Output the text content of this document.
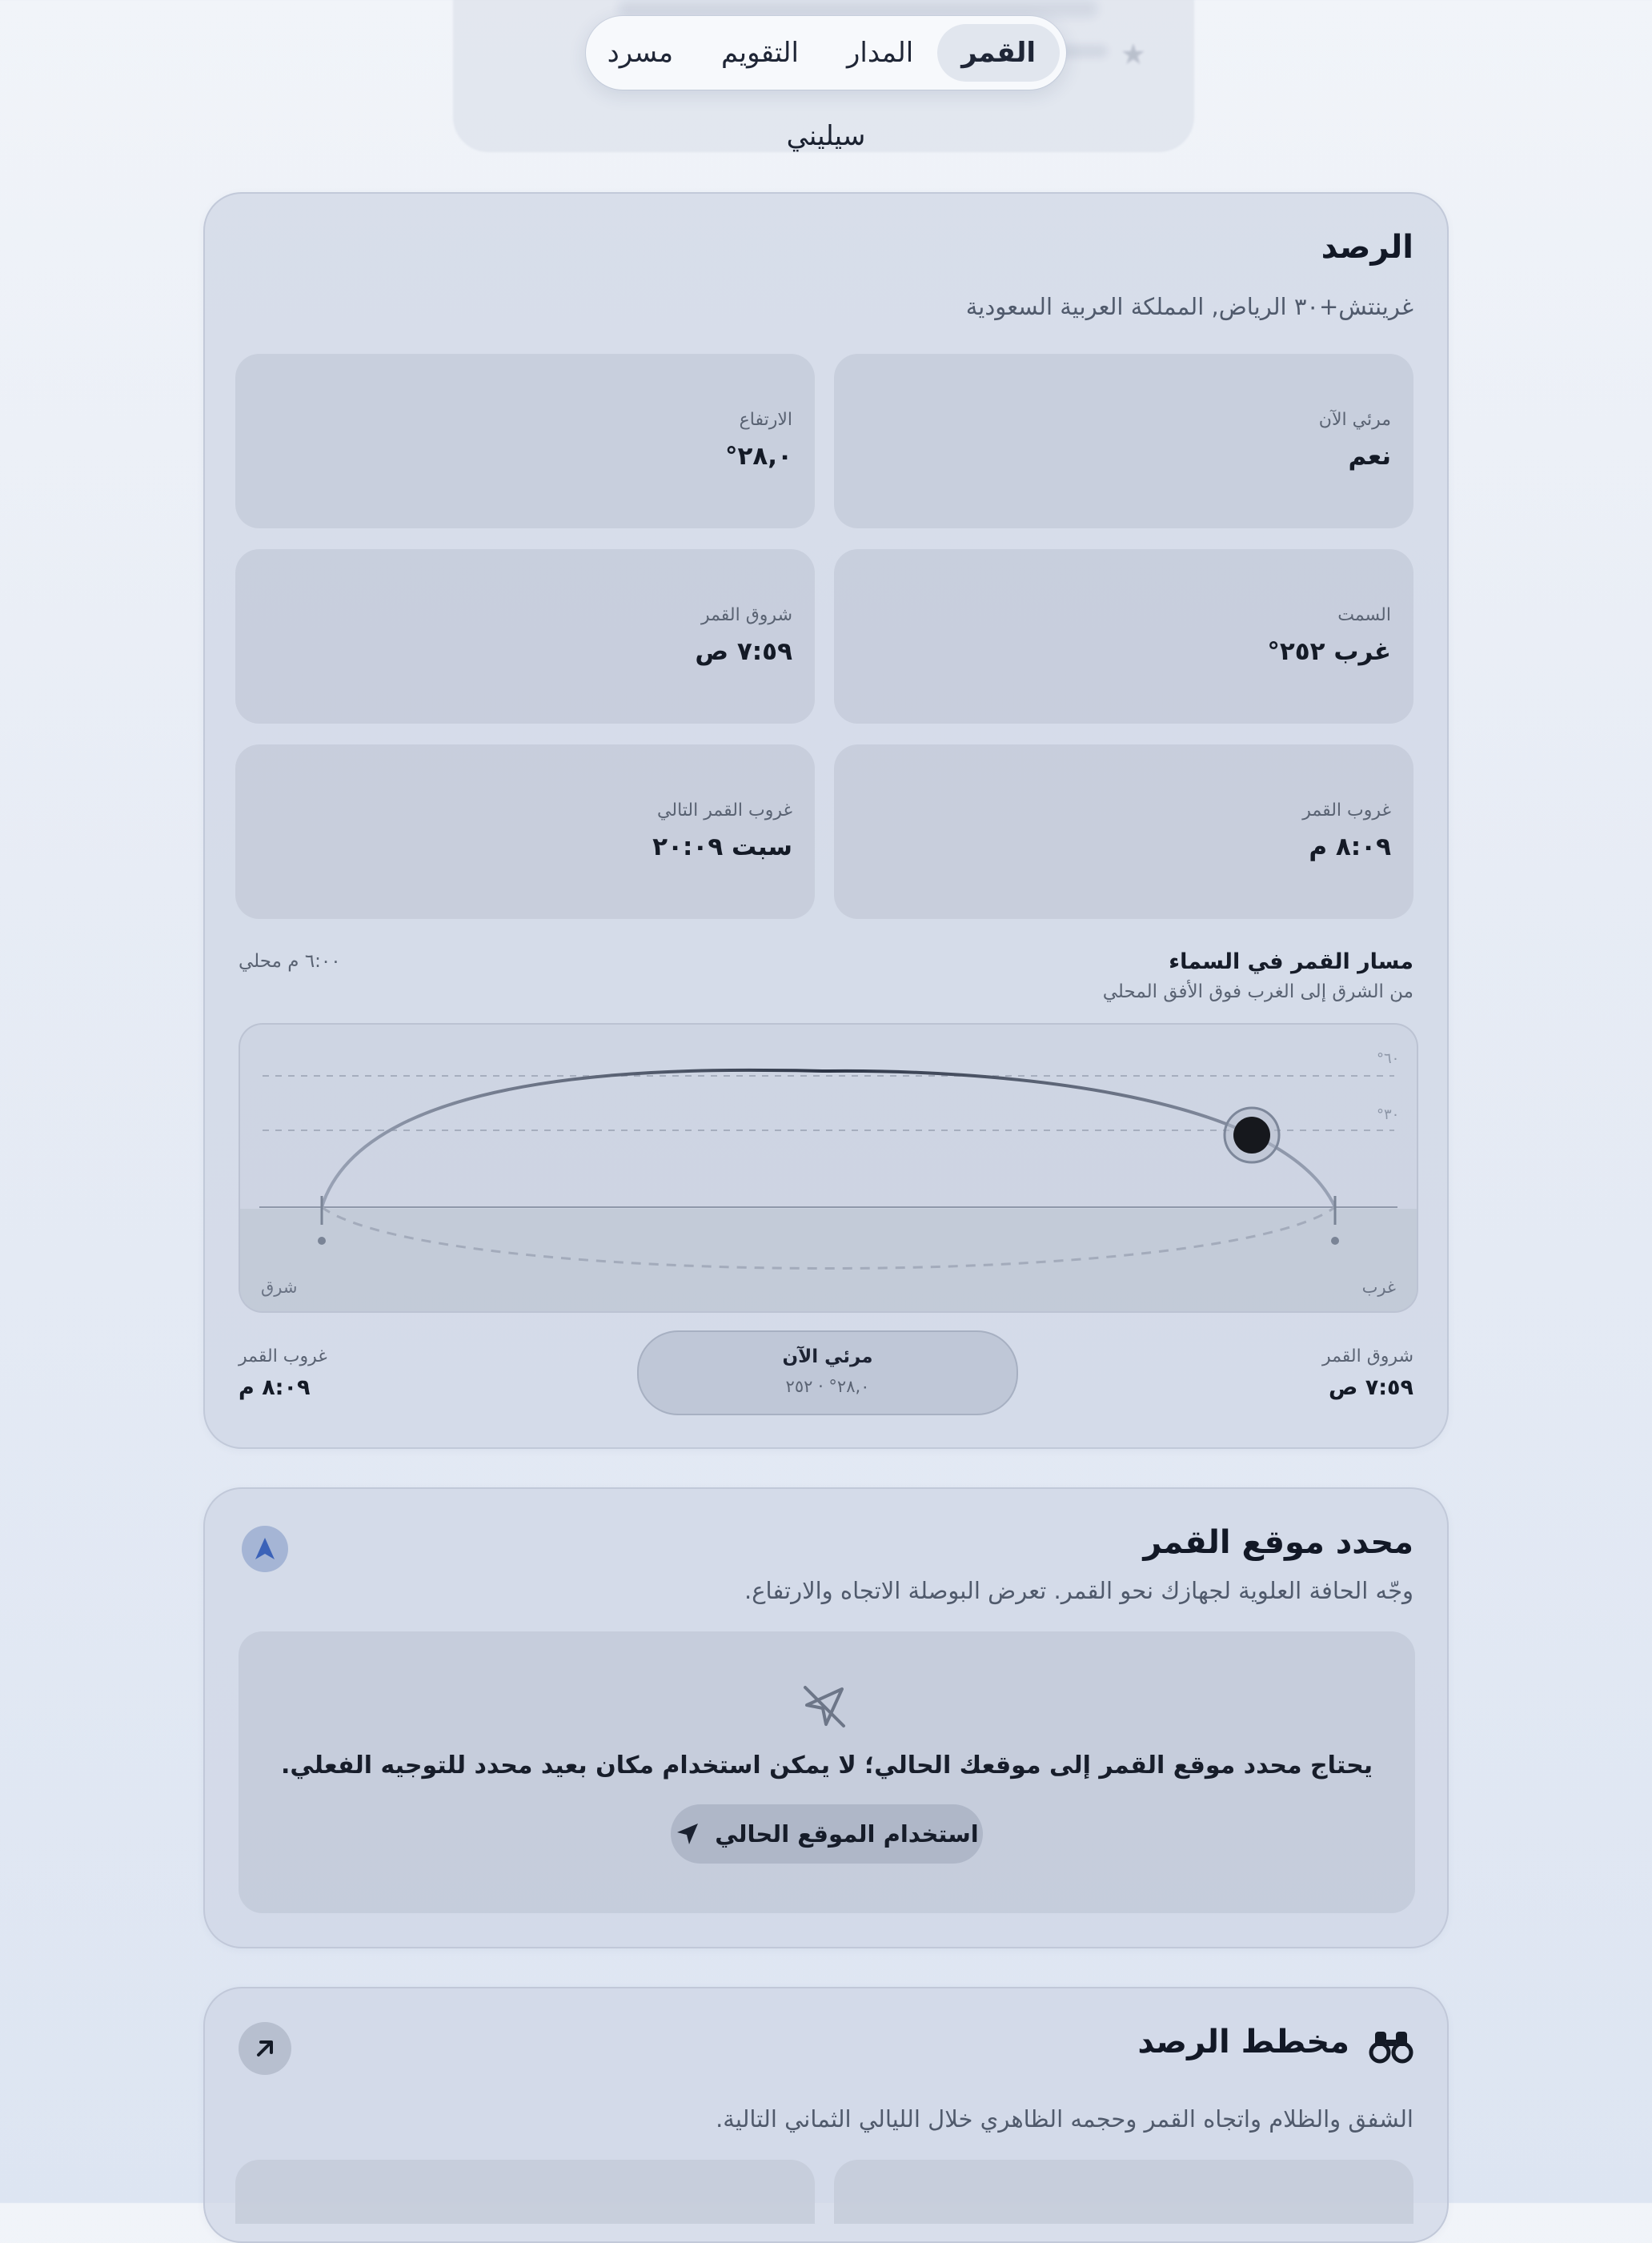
★
القمر
المدار
التقويم
مسرد
سيليني
الرصد
غرينتش+٣٠ الرياض, المملكة العربية السعودية
مرئي الآن
نعم
الارتفاع
٢٨,٠°
السمت
غرب ٢٥٢°
شروق القمر
٧:٥٩ ص
غروب القمر
٨:٠٩ م
غروب القمر التالي
سبت ٢٠:٠٩
مسار القمر في السماء
من الشرق إلى الغرب فوق الأفق المحلي
٦:٠٠ م محلي
٦٠°
٣٠°
شرق	غرب
شروق القمر
٧:٥٩ ص
غروب القمر
٨:٠٩ م
مرئي الآن
٢٨,٠° · ٢٥٢
محدد موقع القمر
وجّه الحافة العلوية لجهازك نحو القمر. تعرض البوصلة الاتجاه والارتفاع.
يحتاج محدد موقع القمر إلى موقعك الحالي؛ لا يمكن استخدام مكان بعيد محدد للتوجيه الفعلي.
استخدام الموقع الحالي
مخطط الرصد
الشفق والظلام واتجاه القمر وحجمه الظاهري خلال الليالي الثماني التالية.
